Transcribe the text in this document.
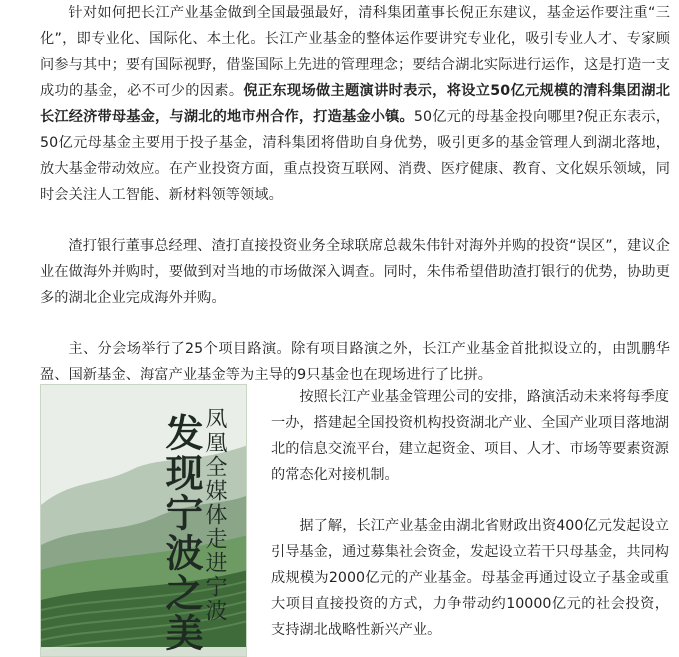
针对如何把长江产业基金做到全国最强最好，清科集团董事长倪正东建议，基金运作要注重“三化”，即专业化、国际化、本土化。长江产业基金的整体运作要讲究专业化，吸引专业人才、专家顾问参与其中；要有国际视野，借鉴国际上先进的管理理念；要结合湖北实际进行运作，这是打造一支成功的基金，必不可少的因素。倪正东现场做主题演讲时表示，将设立50亿元规模的清科集团湖北长江经济带母基金，与湖北的地市州合作，打造基金小镇。50亿元的母基金投向哪里?倪正东表示，50亿元母基金主要用于投子基金，清科集团将借助自身优势，吸引更多的基金管理人到湖北落地，放大基金带动效应。在产业投资方面，重点投资互联网、消费、医疗健康、教育、文化娱乐领域，同时会关注人工智能、新材料领等领域。

渣打银行董事总经理、渣打直接投资业务全球联席总裁朱伟针对海外并购的投资“误区”，建议企业在做海外并购时，要做到对当地的市场做深入调查。同时，朱伟希望借助渣打银行的优势，协助更多的湖北企业完成海外并购。

主、分会场举行了25个项目路演。除有项目路演之外，长江产业基金首批拟设立的，由凯鹏华盈、国新基金、海富产业基金等为主导的9只基金也在现场进行了比拼。

发现宁波之美
凤凰全媒体走进宁波

按照长江产业基金管理公司的安排，路演活动未来将每季度一办，搭建起全国投资机构投资湖北产业、全国产业项目落地湖北的信息交流平台，建立起资金、项目、人才、市场等要素资源的常态化对接机制。

据了解，长江产业基金由湖北省财政出资400亿元发起设立引导基金，通过募集社会资金，发起设立若干只母基金，共同构成规模为2000亿元的产业基金。母基金再通过设立子基金或重大项目直接投资的方式，力争带动约10000亿元的社会投资，支持湖北战略性新兴产业。
